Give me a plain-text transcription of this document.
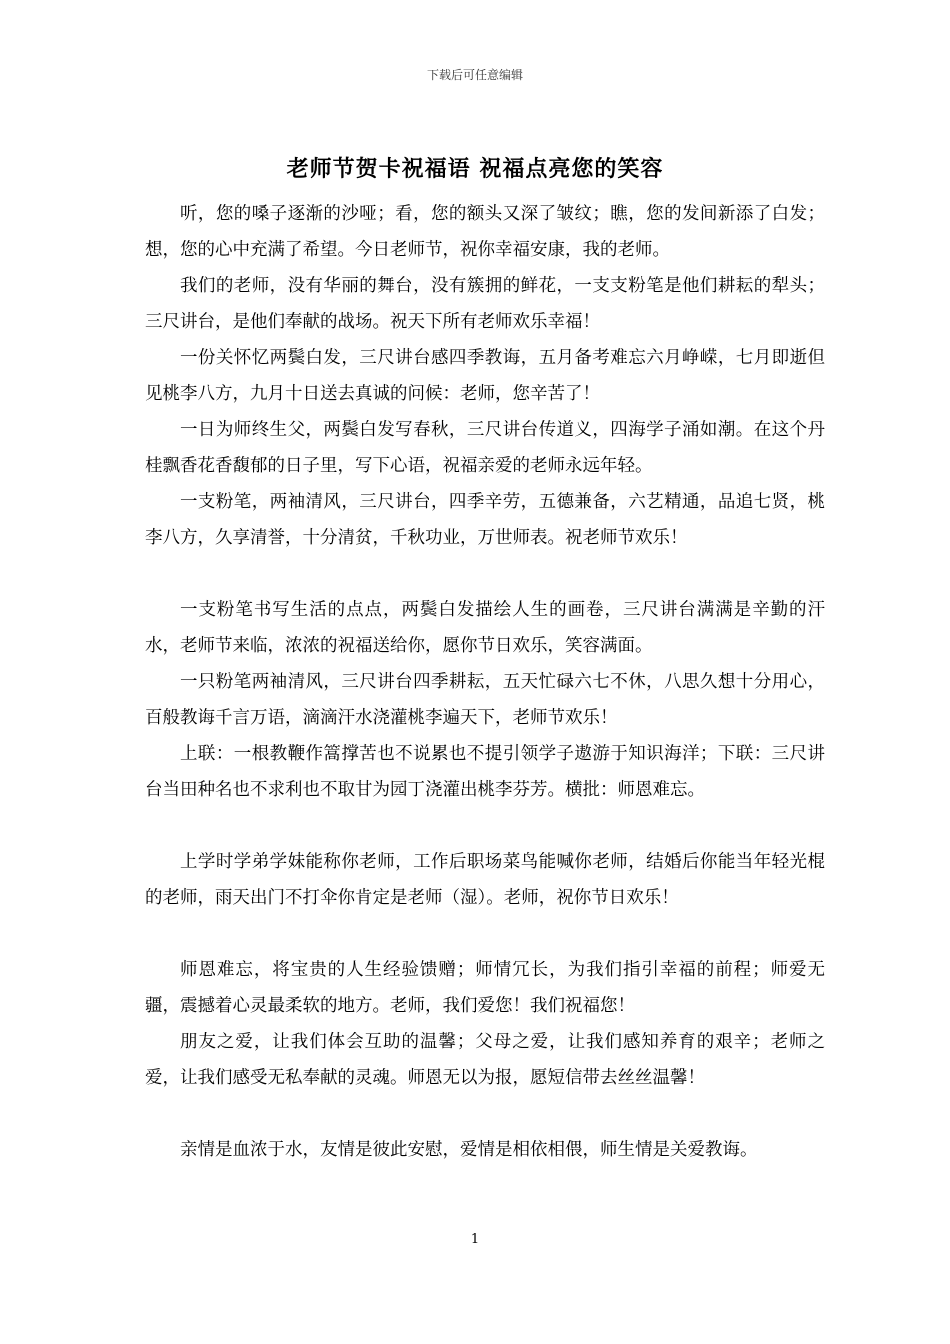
下载后可任意编辑
老师节贺卡祝福语 祝福点亮您的笑容

听，您的嗓子逐渐的沙哑；看，您的额头又深了皱纹；瞧，您的发间新添了白发；想，您的心中充满了希望。今日老师节，祝你幸福安康，我的老师。

我们的老师，没有华丽的舞台，没有簇拥的鲜花，一支支粉笔是他们耕耘的犁头；三尺讲台，是他们奉献的战场。祝天下所有老师欢乐幸福！

一份关怀忆两鬓白发，三尺讲台感四季教诲，五月备考难忘六月峥嵘，七月即逝但见桃李八方，九月十日送去真诚的问候：老师，您辛苦了！

一日为师终生父，两鬓白发写春秋，三尺讲台传道义，四海学子涌如潮。在这个丹桂飘香花香馥郁的日子里，写下心语，祝福亲爱的老师永远年轻。

一支粉笔，两袖清风，三尺讲台，四季辛劳，五德兼备，六艺精通，品追七贤，桃李八方，久享清誉，十分清贫，千秋功业，万世师表。祝老师节欢乐！

一支粉笔书写生活的点点，两鬓白发描绘人生的画卷，三尺讲台满满是辛勤的汗水，老师节来临，浓浓的祝福送给你，愿你节日欢乐，笑容满面。

一只粉笔两袖清风，三尺讲台四季耕耘，五天忙碌六七不休，八思久想十分用心，百般教诲千言万语，滴滴汗水浇灌桃李遍天下，老师节欢乐！

上联：一根教鞭作篙撑苦也不说累也不提引领学子遨游于知识海洋；下联：三尺讲台当田种名也不求利也不取甘为园丁浇灌出桃李芬芳。横批：师恩难忘。

上学时学弟学妹能称你老师，工作后职场菜鸟能喊你老师，结婚后你能当年轻光棍的老师，雨天出门不打伞你肯定是老师（湿）。老师，祝你节日欢乐！

师恩难忘，将宝贵的人生经验馈赠；师情冗长，为我们指引幸福的前程；师爱无疆，震撼着心灵最柔软的地方。老师，我们爱您！我们祝福您！

朋友之爱，让我们体会互助的温馨；父母之爱，让我们感知养育的艰辛；老师之爱，让我们感受无私奉献的灵魂。师恩无以为报，愿短信带去丝丝温馨！

亲情是血浓于水，友情是彼此安慰，爱情是相依相偎，师生情是关爱教诲。

1
